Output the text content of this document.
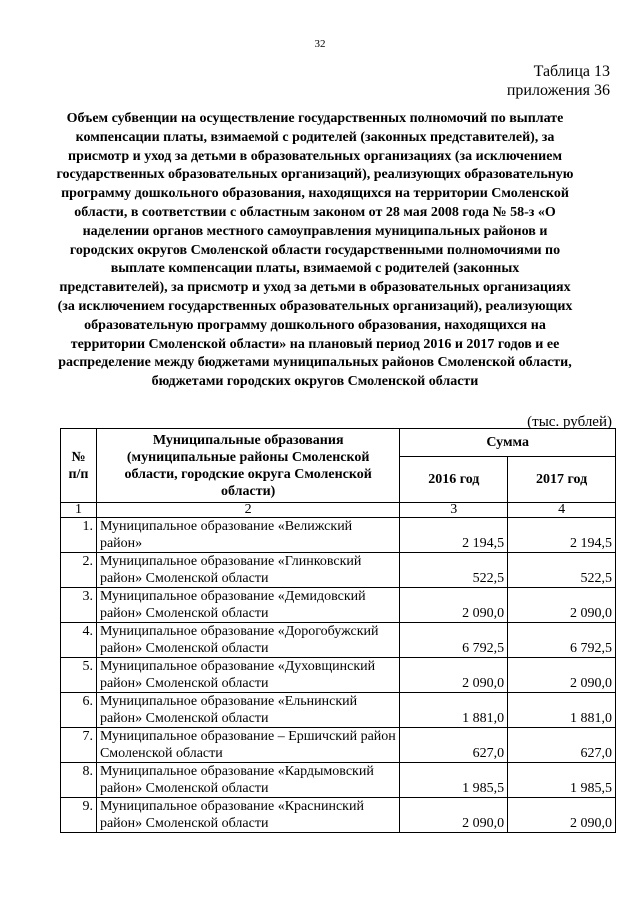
32
Таблица 13
приложения 36
Объем субвенции на осуществление государственных полномочий по выплате компенсации платы, взимаемой с родителей (законных представителей), за присмотр и уход за детьми в образовательных организациях (за исключением государственных образовательных организаций), реализующих образовательную программу дошкольного образования, находящихся на территории Смоленской области, в соответствии с областным законом от 28 мая 2008 года № 58-з «О наделении органов местного самоуправления муниципальных районов и городских округов Смоленской области государственными полномочиями по выплате компенсации платы, взимаемой с родителей (законных представителей), за присмотр и уход за детьми в образовательных организациях (за исключением государственных образовательных организаций), реализующих образовательную программу дошкольного образования, находящихся на территории Смоленской области» на плановый период 2016 и 2017 годов и ее распределение между бюджетами муниципальных районов Смоленской области, бюджетами городских округов Смоленской области
(тыс. рублей)
№ п/п	Муниципальные образования (муниципальные районы Смоленской области, городские округа Смоленской области)	Сумма	
		2016 год	2017 год
1	2	3	4
1.	Муниципальное образование «Велижский район»	2 194,5	2 194,5
2.	Муниципальное образование «Глинковский район» Смоленской области	522,5	522,5
3.	Муниципальное образование «Демидовский район» Смоленской области	2 090,0	2 090,0
4.	Муниципальное образование «Дорогобужский район» Смоленской области	6 792,5	6 792,5
5.	Муниципальное образование «Духовщинский район» Смоленской области	2 090,0	2 090,0
6.	Муниципальное образование «Ельнинский район» Смоленской области	1 881,0	1 881,0
7.	Муниципальное образование – Ершичский район Смоленской области	627,0	627,0
8.	Муниципальное образование «Кардымовский район» Смоленской области	1 985,5	1 985,5
9.	Муниципальное образование «Краснинский район» Смоленской области	2 090,0	2 090,0
